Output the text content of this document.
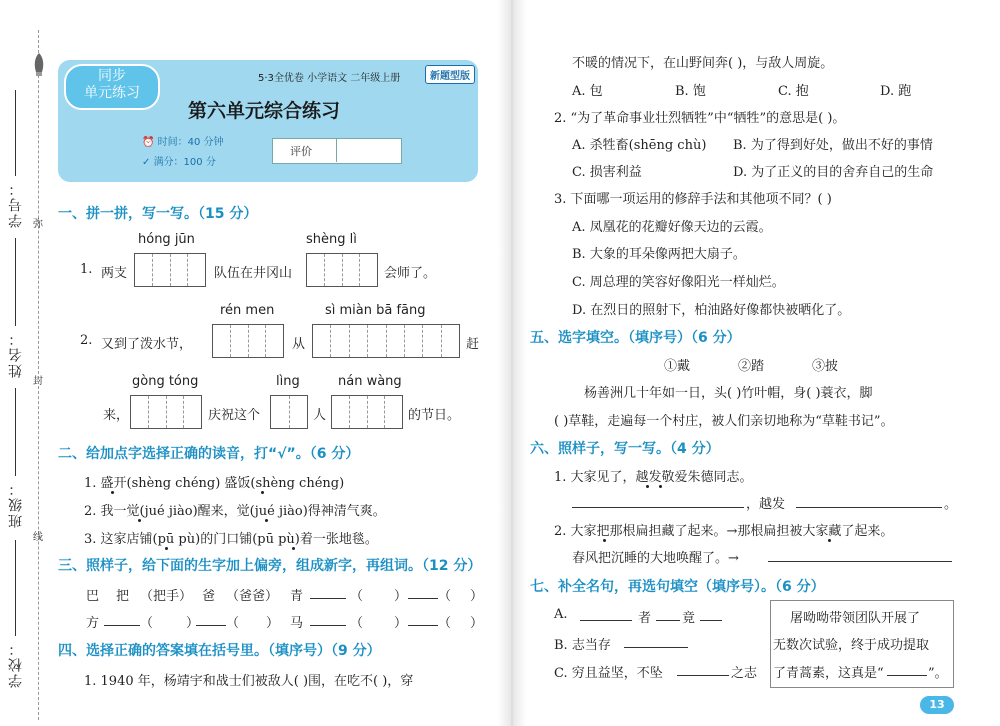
学号：
姓名：
班级：
学校：
弥
封
线
同步
单元练习
5·3全优卷 小学语文 二年级上册	新题型版
第六单元综合练习
⏰ 时间：40 分钟
✓ 满分：100 分
评价
一、拼一拼，写一写。（15 分）
hóng jūn	shèng lì
1. 两支	队伍在井冈山	会师了。
rén men	sì miàn bā fāng
2. 又到了泼水节，	从	赶
gòng tóng	lìng	nán wàng
来，	庆祝这个	人	的节日。
二、给加点字选择正确的读音，打“√”。（6 分）
1. 盛开(shèng chéng) 盛饭(shèng chéng)
2. 我一觉(jué jiào)醒来，觉(jué jiào)得神清气爽。
3. 这家店铺(pū pù)的门口铺(pū pù)着一张地毯。
三、照样子，给下面的生字加上偏旁，组成新字，再组词。（12 分）
巴 把 （把手） 爸 （爸爸） 青	（ ） （ ）
方	（	） （ ） 马	（ ） （ ）
四、选择正确的答案填在括号里。（填序号）（9 分）
1. 1940 年，杨靖宇和战士们被敌人( )围，在吃不( )，穿
不暖的情况下，在山野间奔( )，与敌人周旋。
A. 包	B. 饱	C. 抱	D. 跑
2. “为了革命事业壮烈牺牲”中“牺牲”的意思是( )。
A. 杀牲畜(shēng chù) B. 为了得到好处，做出不好的事情
C. 损害利益	D. 为了正义的目的舍弃自己的生命
3. 下面哪一项运用的修辞手法和其他项不同？( )
A. 凤凰花的花瓣好像天边的云霞。
B. 大象的耳朵像两把大扇子。
C. 周总理的笑容好像阳光一样灿烂。
D. 在烈日的照射下，柏油路好像都快被晒化了。
五、选字填空。（填序号）（6 分）
①戴	②踏	③披
杨善洲几十年如一日，头( )竹叶帽，身( )蓑衣，脚
( )草鞋，走遍每一个村庄，被人们亲切地称为“草鞋书记”。
六、照样子，写一写。（4 分）
1. 大家见了，越发敬爱朱德同志。
，越发	。
2. 大家把那根扁担藏了起来。→那根扁担被大家藏了起来。
春风把沉睡的大地唤醒了。→
七、补全名句，再选句填空（填序号）。（6 分）
A.	者 竟
B. 志当存
C. 穷且益坚，不坠	之志
屠呦呦带领团队开展了
无数次试验，终于成功提取
了青蒿素，这真是“	”。
13
